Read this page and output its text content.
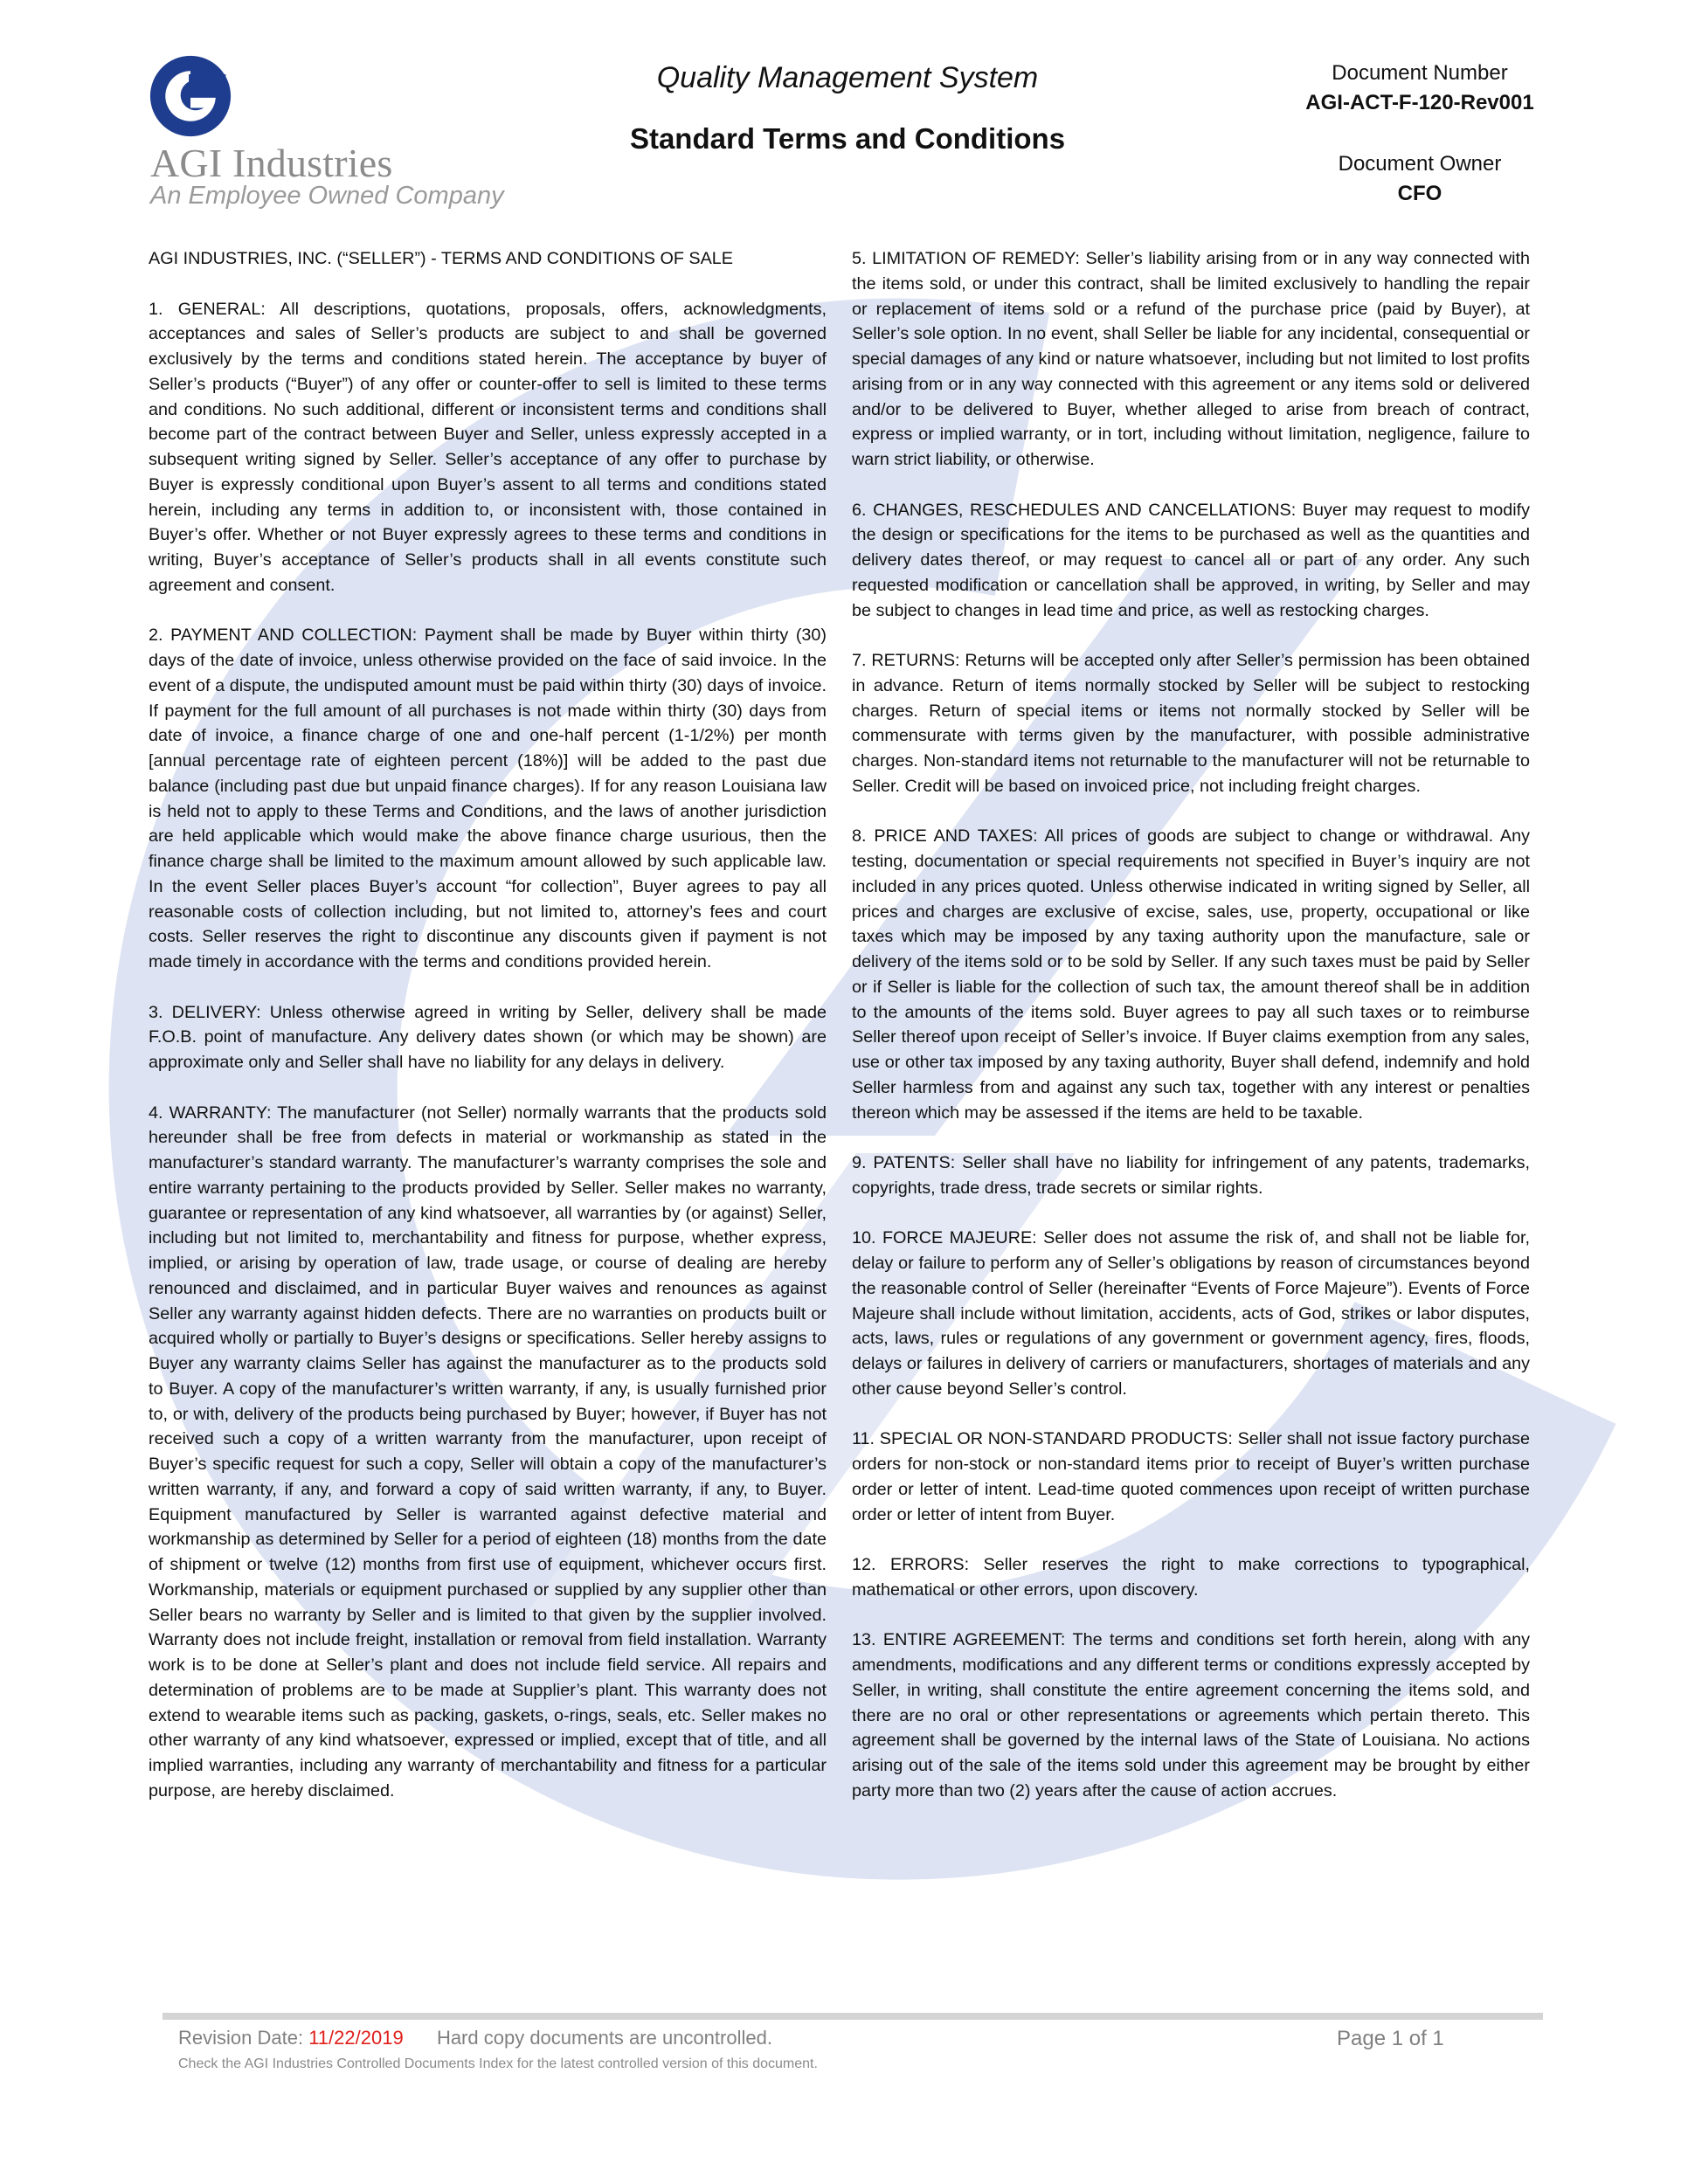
AGI Industries
An Employee Owned Company
Quality Management System
Standard Terms and Conditions
Document Number
AGI-ACT-F-120-Rev001
Document Owner
CFO

AGI INDUSTRIES, INC. (“SELLER”) - TERMS AND CONDITIONS OF SALE

1. GENERAL: All descriptions, quotations, proposals, offers, acknowledgments, acceptances and sales of Seller’s products are subject to and shall be governed exclusively by the terms and conditions stated herein. The acceptance by buyer of Seller’s products (“Buyer”) of any offer or counter-offer to sell is limited to these terms and conditions. No such additional, different or inconsistent terms and conditions shall become part of the contract between Buyer and Seller, unless expressly accepted in a subsequent writing signed by Seller. Seller’s acceptance of any offer to purchase by Buyer is expressly conditional upon Buyer’s assent to all terms and conditions stated herein, including any terms in addition to, or inconsistent with, those contained in Buyer’s offer. Whether or not Buyer expressly agrees to these terms and conditions in writing, Buyer’s acceptance of Seller’s products shall in all events constitute such agreement and consent.

2. PAYMENT AND COLLECTION: Payment shall be made by Buyer within thirty (30) days of the date of invoice, unless otherwise provided on the face of said invoice. In the event of a dispute, the undisputed amount must be paid within thirty (30) days of invoice. If payment for the full amount of all purchases is not made within thirty (30) days from date of invoice, a finance charge of one and one-half percent (1-1/2%) per month [annual percentage rate of eighteen percent (18%)] will be added to the past due balance (including past due but unpaid finance charges). If for any reason Louisiana law is held not to apply to these Terms and Conditions, and the laws of another jurisdiction are held applicable which would make the above finance charge usurious, then the finance charge shall be limited to the maximum amount allowed by such applicable law. In the event Seller places Buyer’s account “for collection”, Buyer agrees to pay all reasonable costs of collection including, but not limited to, attorney’s fees and court costs. Seller reserves the right to discontinue any discounts given if payment is not made timely in accordance with the terms and conditions provided herein.

3. DELIVERY: Unless otherwise agreed in writing by Seller, delivery shall be made F.O.B. point of manufacture. Any delivery dates shown (or which may be shown) are approximate only and Seller shall have no liability for any delays in delivery.

4. WARRANTY: The manufacturer (not Seller) normally warrants that the products sold hereunder shall be free from defects in material or workmanship as stated in the manufacturer’s standard warranty. The manufacturer’s warranty comprises the sole and entire warranty pertaining to the products provided by Seller. Seller makes no warranty, guarantee or representation of any kind whatsoever, all warranties by (or against) Seller, including but not limited to, merchantability and fitness for purpose, whether express, implied, or arising by operation of law, trade usage, or course of dealing are hereby renounced and disclaimed, and in particular Buyer waives and renounces as against Seller any warranty against hidden defects. There are no warranties on products built or acquired wholly or partially to Buyer’s designs or specifications. Seller hereby assigns to Buyer any warranty claims Seller has against the manufacturer as to the products sold to Buyer. A copy of the manufacturer’s written warranty, if any, is usually furnished prior to, or with, delivery of the products being purchased by Buyer; however, if Buyer has not received such a copy of a written warranty from the manufacturer, upon receipt of Buyer’s specific request for such a copy, Seller will obtain a copy of the manufacturer’s written warranty, if any, and forward a copy of said written warranty, if any, to Buyer. Equipment manufactured by Seller is warranted against defective material and workmanship as determined by Seller for a period of eighteen (18) months from the date of shipment or twelve (12) months from first use of equipment, whichever occurs first. Workmanship, materials or equipment purchased or supplied by any supplier other than Seller bears no warranty by Seller and is limited to that given by the supplier involved. Warranty does not include freight, installation or removal from field installation. Warranty work is to be done at Seller’s plant and does not include field service. All repairs and determination of problems are to be made at Supplier’s plant. This warranty does not extend to wearable items such as packing, gaskets, o-rings, seals, etc. Seller makes no other warranty of any kind whatsoever, expressed or implied, except that of title, and all implied warranties, including any warranty of merchantability and fitness for a particular purpose, are hereby disclaimed.

5. LIMITATION OF REMEDY: Seller’s liability arising from or in any way connected with the items sold, or under this contract, shall be limited exclusively to handling the repair or replacement of items sold or a refund of the purchase price (paid by Buyer), at Seller’s sole option. In no event, shall Seller be liable for any incidental, consequential or special damages of any kind or nature whatsoever, including but not limited to lost profits arising from or in any way connected with this agreement or any items sold or delivered and/or to be delivered to Buyer, whether alleged to arise from breach of contract, express or implied warranty, or in tort, including without limitation, negligence, failure to warn strict liability, or otherwise.

6. CHANGES, RESCHEDULES AND CANCELLATIONS: Buyer may request to modify the design or specifications for the items to be purchased as well as the quantities and delivery dates thereof, or may request to cancel all or part of any order. Any such requested modification or cancellation shall be approved, in writing, by Seller and may be subject to changes in lead time and price, as well as restocking charges.

7. RETURNS: Returns will be accepted only after Seller’s permission has been obtained in advance. Return of items normally stocked by Seller will be subject to restocking charges. Return of special items or items not normally stocked by Seller will be commensurate with terms given by the manufacturer, with possible administrative charges. Non-standard items not returnable to the manufacturer will not be returnable to Seller. Credit will be based on invoiced price, not including freight charges.

8. PRICE AND TAXES: All prices of goods are subject to change or withdrawal. Any testing, documentation or special requirements not specified in Buyer’s inquiry are not included in any prices quoted. Unless otherwise indicated in writing signed by Seller, all prices and charges are exclusive of excise, sales, use, property, occupational or like taxes which may be imposed by any taxing authority upon the manufacture, sale or delivery of the items sold or to be sold by Seller. If any such taxes must be paid by Seller or if Seller is liable for the collection of such tax, the amount thereof shall be in addition to the amounts of the items sold. Buyer agrees to pay all such taxes or to reimburse Seller thereof upon receipt of Seller’s invoice. If Buyer claims exemption from any sales, use or other tax imposed by any taxing authority, Buyer shall defend, indemnify and hold Seller harmless from and against any such tax, together with any interest or penalties thereon which may be assessed if the items are held to be taxable.

9. PATENTS: Seller shall have no liability for infringement of any patents, trademarks, copyrights, trade dress, trade secrets or similar rights.

10. FORCE MAJEURE: Seller does not assume the risk of, and shall not be liable for, delay or failure to perform any of Seller’s obligations by reason of circumstances beyond the reasonable control of Seller (hereinafter “Events of Force Majeure”). Events of Force Majeure shall include without limitation, accidents, acts of God, strikes or labor disputes, acts, laws, rules or regulations of any government or government agency, fires, floods, delays or failures in delivery of carriers or manufacturers, shortages of materials and any other cause beyond Seller’s control.

11. SPECIAL OR NON-STANDARD PRODUCTS: Seller shall not issue factory purchase orders for non-stock or non-standard items prior to receipt of Buyer’s written purchase order or letter of intent. Lead-time quoted commences upon receipt of written purchase order or letter of intent from Buyer.

12. ERRORS: Seller reserves the right to make corrections to typographical, mathematical or other errors, upon discovery.

13. ENTIRE AGREEMENT: The terms and conditions set forth herein, along with any amendments, modifications and any different terms or conditions expressly accepted by Seller, in writing, shall constitute the entire agreement concerning the items sold, and there are no oral or other representations or agreements which pertain thereto. This agreement shall be governed by the internal laws of the State of Louisiana. No actions arising out of the sale of the items sold under this agreement may be brought by either party more than two (2) years after the cause of action accrues.

Revision Date: 11/22/2019 Hard copy documents are uncontrolled.	Page 1 of 1
Check the AGI Industries Controlled Documents Index for the latest controlled version of this document.
